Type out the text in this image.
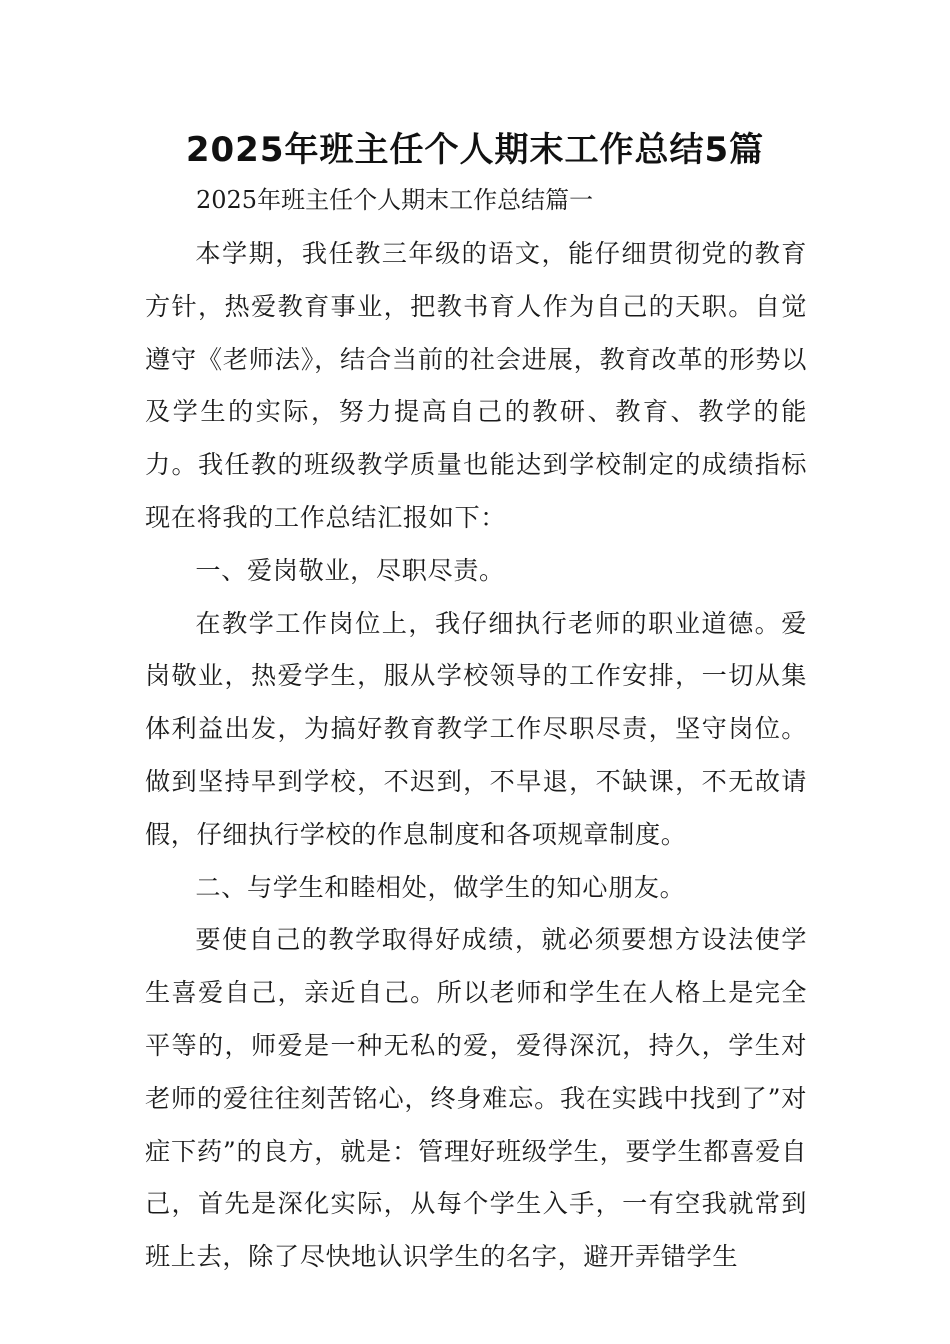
2025年班主任个人期末工作总结5篇
2025年班主任个人期末工作总结篇一

本学期，我任教三年级的语文，能仔细贯彻党的教育方针，热爱教育事业，把教书育人作为自己的天职。自觉遵守《老师法》，结合当前的社会进展，教育改革的形势以及学生的实际，努力提高自己的教研、教育、教学的能力。我任教的班级教学质量也能达到学校制定的成绩指标现在将我的工作总结汇报如下：

一、爱岗敬业，尽职尽责。

在教学工作岗位上，我仔细执行老师的职业道德。爱岗敬业，热爱学生，服从学校领导的工作安排，一切从集体利益出发，为搞好教育教学工作尽职尽责，坚守岗位。做到坚持早到学校，不迟到，不早退，不缺课，不无故请假，仔细执行学校的作息制度和各项规章制度。

二、与学生和睦相处，做学生的知心朋友。

要使自己的教学取得好成绩，就必须要想方设法使学生喜爱自己，亲近自己。所以老师和学生在人格上是完全平等的，师爱是一种无私的爱，爱得深沉，持久，学生对老师的爱往往刻苦铭心，终身难忘。我在实践中找到了”对症下药”的良方，就是：管理好班级学生，要学生都喜爱自己，首先是深化实际，从每个学生入手，一有空我就常到班上去，除了尽快地认识学生的名字，避开弄错学生
